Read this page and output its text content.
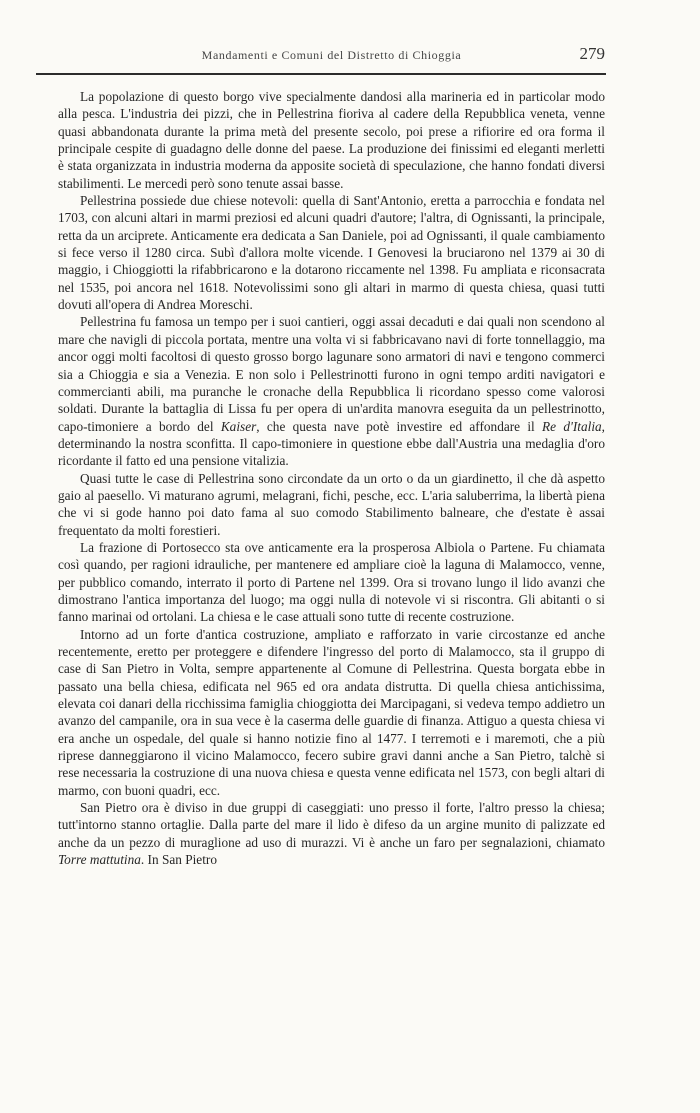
Mandamenti e Comuni del Distretto di Chioggia	279

La popolazione di questo borgo vive specialmente dandosi alla marineria ed in particolar modo alla pesca. L'industria dei pizzi, che in Pellestrina fioriva al cadere della Repubblica veneta, venne quasi abbandonata durante la prima metà del presente secolo, poi prese a rifiorire ed ora forma il principale cespite di guadagno delle donne del paese. La produzione dei finissimi ed eleganti merletti è stata organizzata in industria moderna da apposite società di speculazione, che hanno fondati diversi stabilimenti. Le mercedi però sono tenute assai basse.

Pellestrina possiede due chiese notevoli: quella di Sant'Antonio, eretta a parrocchia e fondata nel 1703, con alcuni altari in marmi preziosi ed alcuni quadri d'autore; l'altra, di Ognissanti, la principale, retta da un arciprete. Anticamente era dedicata a San Daniele, poi ad Ognissanti, il quale cambiamento si fece verso il 1280 circa. Subì d'allora molte vicende. I Genovesi la bruciarono nel 1379 ai 30 di maggio, i Chioggiotti la rifabbricarono e la dotarono riccamente nel 1398. Fu ampliata e riconsacrata nel 1535, poi ancora nel 1618. Notevolissimi sono gli altari in marmo di questa chiesa, quasi tutti dovuti all'opera di Andrea Moreschi.

Pellestrina fu famosa un tempo per i suoi cantieri, oggi assai decaduti e dai quali non scendono al mare che navigli di piccola portata, mentre una volta vi si fabbricavano navi di forte tonnellaggio, ma ancor oggi molti facoltosi di questo grosso borgo lagunare sono armatori di navi e tengono commerci sia a Chioggia e sia a Venezia. E non solo i Pellestrinotti furono in ogni tempo arditi navigatori e commercianti abili, ma puranche le cronache della Repubblica li ricordano spesso come valorosi soldati. Durante la battaglia di Lissa fu per opera di un'ardita manovra eseguita da un pellestrinotto, capo-timoniere a bordo del Kaiser, che questa nave potè investire ed affondare il Re d'Italia, determinando la nostra sconfitta. Il capo-timoniere in questione ebbe dall'Austria una medaglia d'oro ricordante il fatto ed una pensione vitalizia.

Quasi tutte le case di Pellestrina sono circondate da un orto o da un giardinetto, il che dà aspetto gaio al paesello. Vi maturano agrumi, melagrani, fichi, pesche, ecc. L'aria saluberrima, la libertà piena che vi si gode hanno poi dato fama al suo comodo Stabilimento balneare, che d'estate è assai frequentato da molti forestieri.

La frazione di Portosecco sta ove anticamente era la prosperosa Albiola o Partene. Fu chiamata così quando, per ragioni idrauliche, per mantenere ed ampliare cioè la laguna di Malamocco, venne, per pubblico comando, interrato il porto di Partene nel 1399. Ora si trovano lungo il lido avanzi che dimostrano l'antica importanza del luogo; ma oggi nulla di notevole vi si riscontra. Gli abitanti o si fanno marinai od ortolani. La chiesa e le case attuali sono tutte di recente costruzione.

Intorno ad un forte d'antica costruzione, ampliato e rafforzato in varie circostanze ed anche recentemente, eretto per proteggere e difendere l'ingresso del porto di Malamocco, sta il gruppo di case di San Pietro in Volta, sempre appartenente al Comune di Pellestrina. Questa borgata ebbe in passato una bella chiesa, edificata nel 965 ed ora andata distrutta. Di quella chiesa antichissima, elevata coi danari della ricchissima famiglia chioggiotta dei Marcipagani, si vedeva tempo addietro un avanzo del campanile, ora in sua vece è la caserma delle guardie di finanza. Attiguo a questa chiesa vi era anche un ospedale, del quale si hanno notizie fino al 1477. I terremoti e i maremoti, che a più riprese danneggiarono il vicino Malamocco, fecero subire gravi danni anche a San Pietro, talchè si rese necessaria la costruzione di una nuova chiesa e questa venne edificata nel 1573, con begli altari di marmo, con buoni quadri, ecc.

San Pietro ora è diviso in due gruppi di caseggiati: uno presso il forte, l'altro presso la chiesa; tutt'intorno stanno ortaglie. Dalla parte del mare il lido è difeso da un argine munito di palizzate ed anche da un pezzo di muraglione ad uso di murazzi. Vi è anche un faro per segnalazioni, chiamato Torre mattutina. In San Pietro
